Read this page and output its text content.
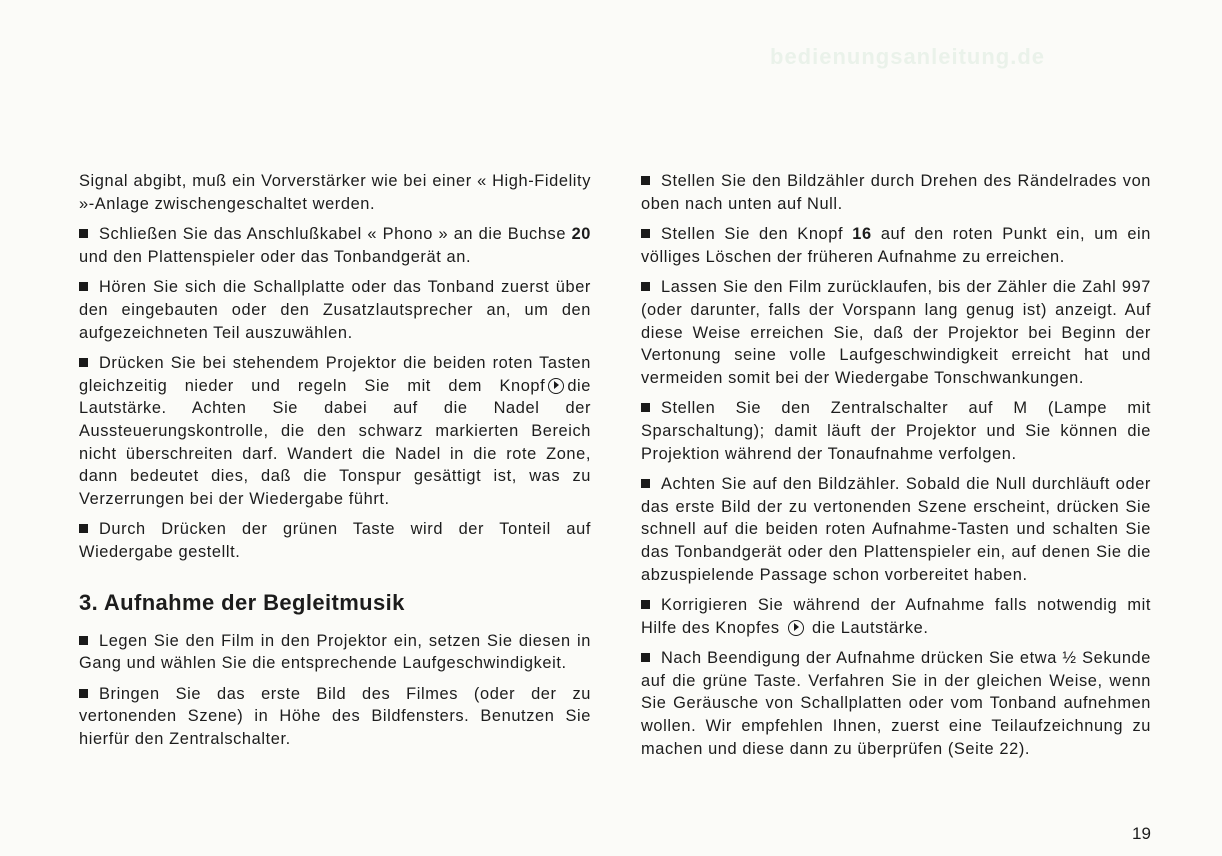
bedienungsanleitung.de

Signal abgibt, muß ein Vorverstärker wie bei einer « High-Fidelity »-Anlage zwischengeschaltet werden.

Schließen Sie das Anschlußkabel « Phono » an die Buchse 20 und den Plattenspieler oder das Tonbandgerät an.

Hören Sie sich die Schallplatte oder das Tonband zuerst über den eingebauten oder den Zusatzlautsprecher an, um den aufgezeichneten Teil auszuwählen.

Drücken Sie bei stehendem Projektor die beiden roten Tasten gleichzeitig nieder und regeln Sie mit dem Knopf die Lautstärke. Achten Sie dabei auf die Nadel der Aussteuerungskontrolle, die den schwarz markierten Bereich nicht überschreiten darf. Wandert die Nadel in die rote Zone, dann bedeutet dies, daß die Tonspur gesättigt ist, was zu Verzerrungen bei der Wiedergabe führt.

Durch Drücken der grünen Taste wird der Tonteil auf Wiedergabe gestellt.

3. Aufnahme der Begleitmusik

Legen Sie den Film in den Projektor ein, setzen Sie diesen in Gang und wählen Sie die entsprechende Laufgeschwindigkeit.

Bringen Sie das erste Bild des Filmes (oder der zu vertonenden Szene) in Höhe des Bildfensters. Benutzen Sie hierfür den Zentralschalter.

Stellen Sie den Bildzähler durch Drehen des Rändelrades von oben nach unten auf Null.

Stellen Sie den Knopf 16 auf den roten Punkt ein, um ein völliges Löschen der früheren Aufnahme zu erreichen.

Lassen Sie den Film zurücklaufen, bis der Zähler die Zahl 997 (oder darunter, falls der Vorspann lang genug ist) anzeigt. Auf diese Weise erreichen Sie, daß der Projektor bei Beginn der Vertonung seine volle Laufgeschwindigkeit erreicht hat und vermeiden somit bei der Wiedergabe Tonschwankungen.

Stellen Sie den Zentralschalter auf M (Lampe mit Sparschaltung); damit läuft der Projektor und Sie können die Projektion während der Tonaufnahme verfolgen.

Achten Sie auf den Bildzähler. Sobald die Null durchläuft oder das erste Bild der zu vertonenden Szene erscheint, drücken Sie schnell auf die beiden roten Aufnahme-Tasten und schalten Sie das Tonbandgerät oder den Plattenspieler ein, auf denen Sie die abzuspielende Passage schon vorbereitet haben.

Korrigieren Sie während der Aufnahme falls notwendig mit Hilfe des Knopfes die Lautstärke.

Nach Beendigung der Aufnahme drücken Sie etwa ½ Sekunde auf die grüne Taste. Verfahren Sie in der gleichen Weise, wenn Sie Geräusche von Schallplatten oder vom Tonband aufnehmen wollen. Wir empfehlen Ihnen, zuerst eine Teilaufzeichnung zu machen und diese dann zu überprüfen (Seite 22).

19
